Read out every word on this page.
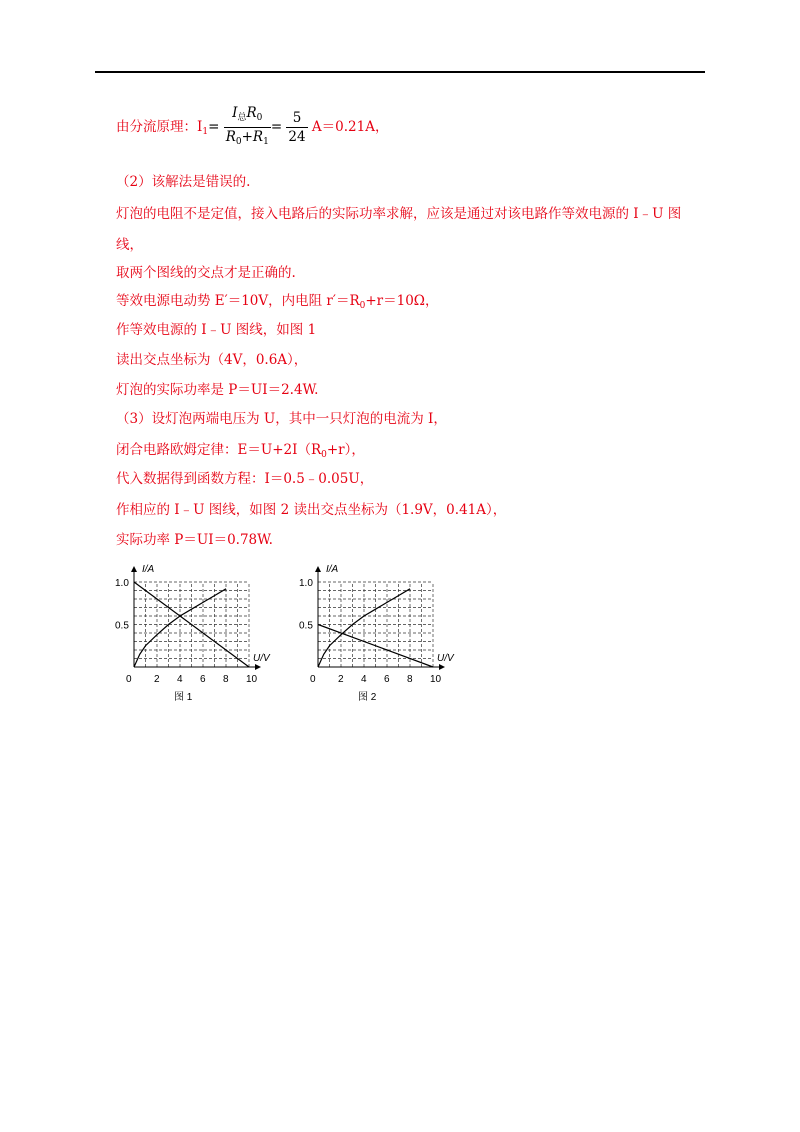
由分流原理：$I_1= \frac{I_总R_0}{R_0+R_1} = \frac{5}{24} A=0.21A$，
（2）该解法是错误的.
灯泡的电阻不是定值，接入电路后的实际功率求解，应该是通过对该电路作等效电源的 I﹣U 图
线，
取两个图线的交点才是正确的.
等效电源电动势 E′＝10V，内电阻 $r'=R_0+r=10\Omega$，
作等效电源的 I﹣U 图线，如图 1
读出交点坐标为（4V，0.6A），
灯泡的实际功率是 P＝UI＝2.4W.
（3）设灯泡两端电压为 U，其中一只灯泡的电流为 I，
闭合电路欧姆定律：$E=U+2I(R_0+r)$，
代入数据得到函数方程：I＝0.5﹣0.05U，
作相应的 I﹣U 图线，如图 2 读出交点坐标为（1.9V，0.41A），
实际功率 P＝UI＝0.78W.
I/A
U/V
0 2 4 6 8 10
0.5
1.0
图 1
I/A
U/V
0 2 4 6 8 10
0.5
1.0
图 2
